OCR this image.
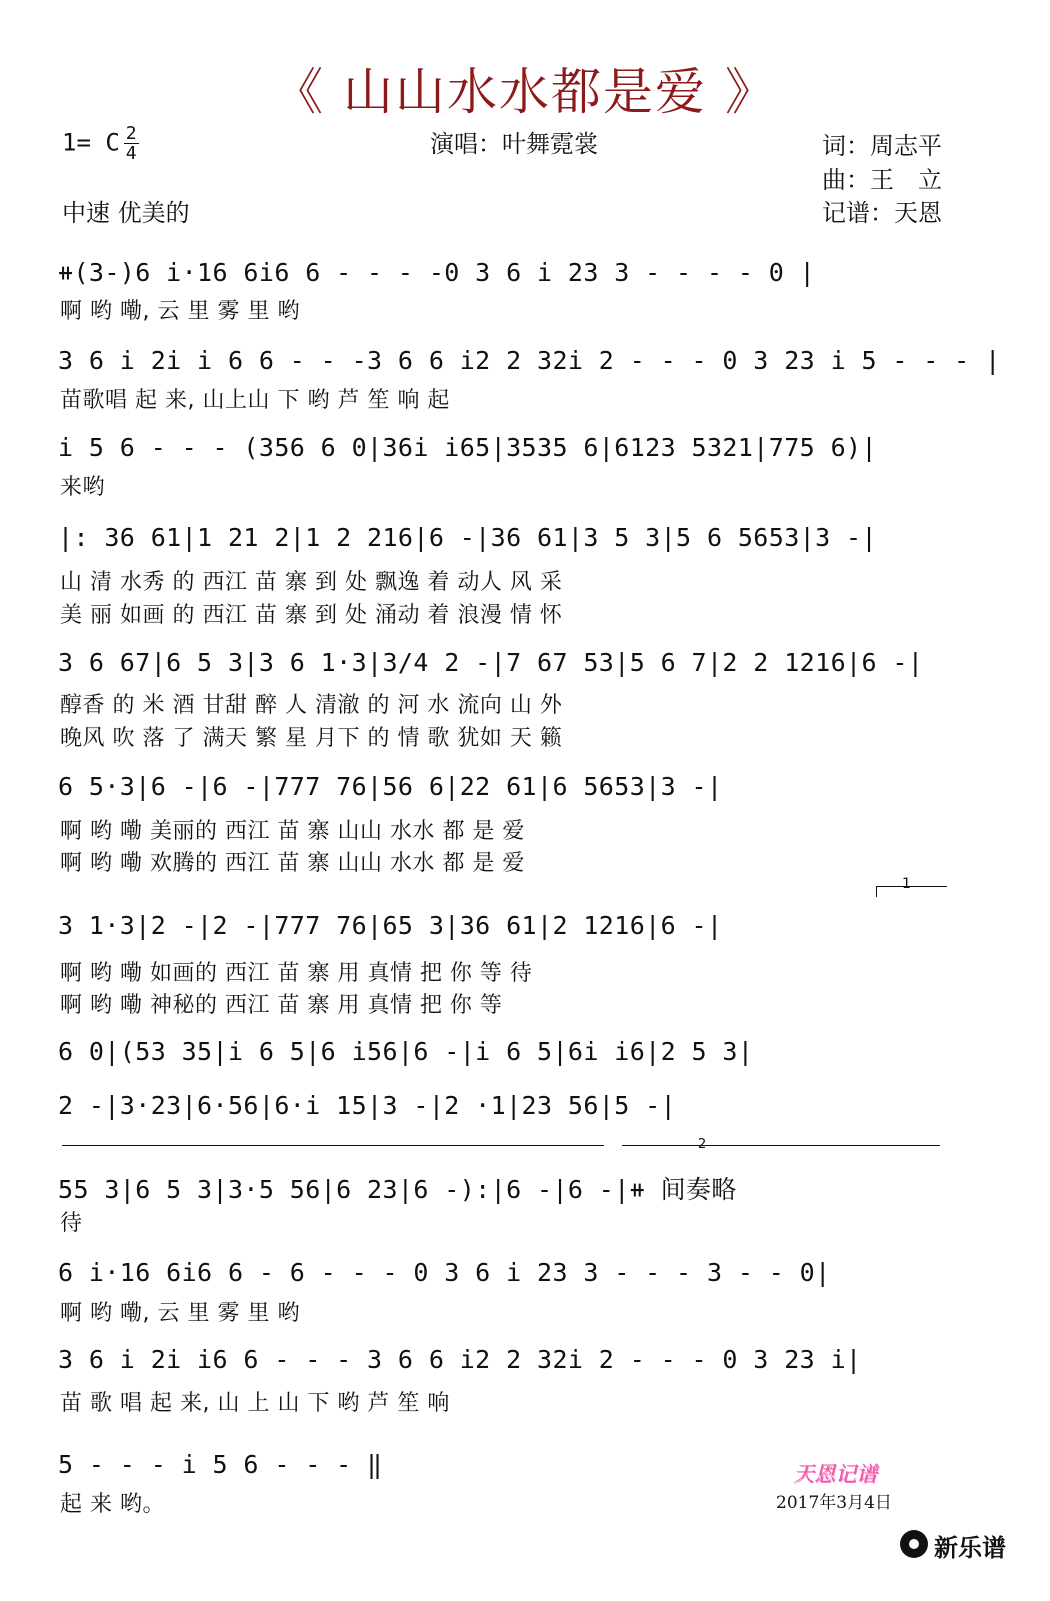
《 山山水水都是爱 》
1= C $\frac{2}{4}$	演唱：叶舞霓裳	词：周志平
曲：王　立
记谱：天恩
中速 优美的
⧺(3-)6 i·16 6i6 6 - - - -0 3 6 i 23 3 - - - - 0 |
啊 哟 嘞, 云 里 雾 里 哟
3 6 i 2i i 6 6 - - -3 6 6 i2 2 32i 2 - - - 0 3 23 i 5 - - - |
苗歌唱 起 来, 山上山 下 哟 芦 笙 响 起
i 5 6 - - - (356 6 0|36i i65|3535 6|6123 5321|775 6)|
来哟
|: 36 61|1 21 2|1 2 216|6 -|36 61|3 5 3|5 6 5653|3 -|
山 清 水秀 的 西江 苗 寨 到 处 飘逸 着 动人 风 采
美 丽 如画 的 西江 苗 寨 到 处 涌动 着 浪漫 情 怀
3 6 67|6 5 3|3 6 1·3|3/4 2 -|7 67 53|5 6 7|2 2 1216|6 -|
醇香 的 米 酒 甘甜 醉 人 清澈 的 河 水 流向 山 外
晚风 吹 落 了 满天 繁 星 月下 的 情 歌 犹如 天 籁
6 5·3|6 -|6 -|777 76|56 6|22 61|6 5653|3 -|
啊 哟 嘞 美丽的 西江 苗 寨 山山 水水 都 是 爱
啊 哟 嘞 欢腾的 西江 苗 寨 山山 水水 都 是 爱
1
3 1·3|2 -|2 -|777 76|65 3|36 61|2 1216|6 -|
啊 哟 嘞 如画的 西江 苗 寨 用 真情 把 你 等 待
啊 哟 嘞 神秘的 西江 苗 寨 用 真情 把 你 等
6 0|(53 35|i 6 5|6 i56|6 -|i 6 5|6i i6|2 5 3|
2 -|3·23|6·56|6·i 15|3 -|2 ·1|23 56|5 -|
2
55 3|6 5 3|3·5 56|6 23|6 -):|6 -|6 -|⧺ 间奏略
待
6 i·16 6i6 6 - 6 - - - 0 3 6 i 23 3 - - - 3 - - 0|
啊 哟 嘞, 云 里 雾 里 哟
3 6 i 2i i6 6 - - - 3 6 6 i2 2 32i 2 - - - 0 3 23 i|
苗 歌 唱 起 来, 山 上 山 下 哟 芦 笙 响
5 - - - i 5 6 - - - ‖
起 来 哟。
天恩记谱
2017年3月4日
新乐谱
